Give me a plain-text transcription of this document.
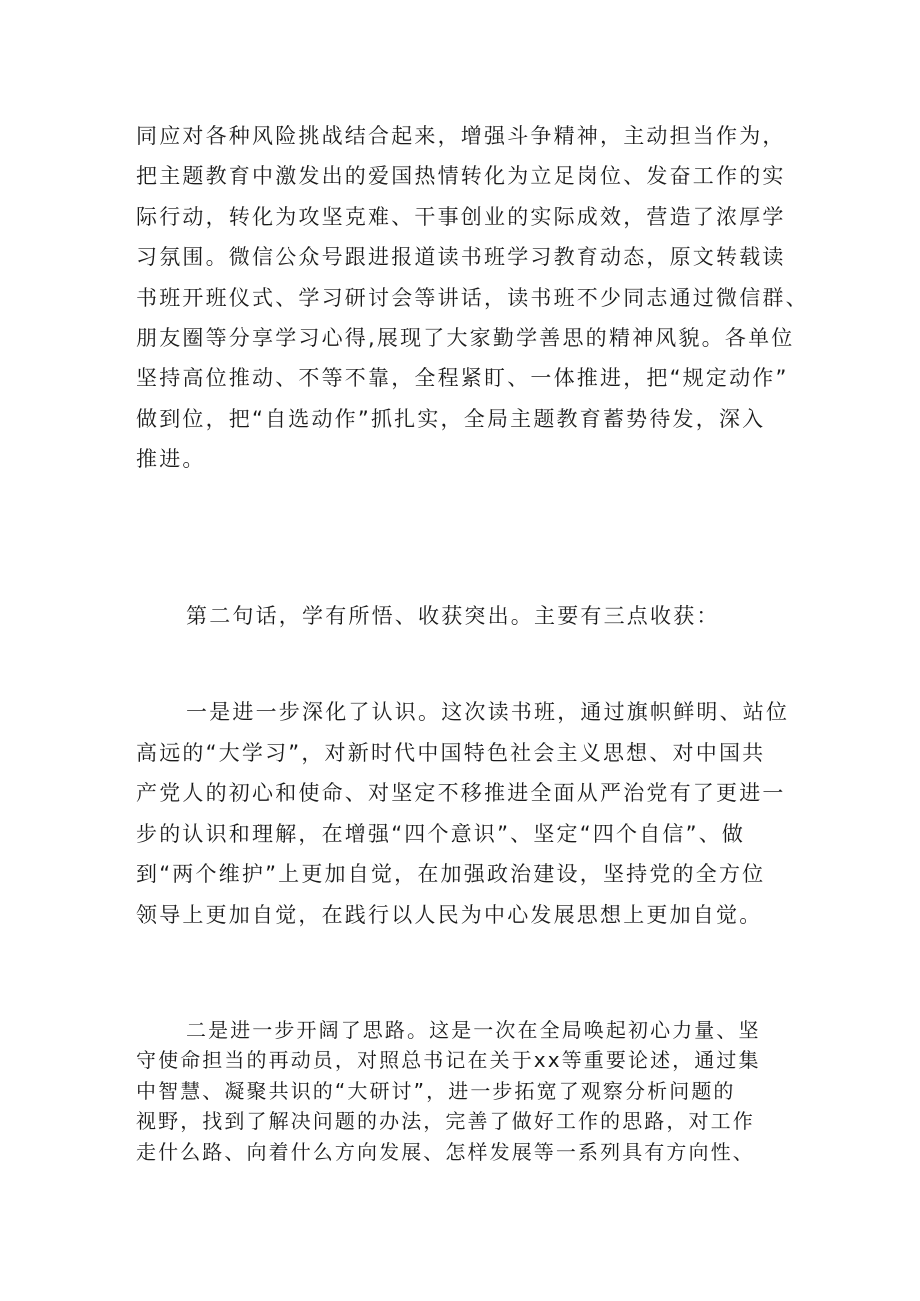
同应对各种风险挑战结合起来，增强斗争精神，主动担当作为，
把主题教育中激发出的爱国热情转化为立足岗位、发奋工作的实
际行动，转化为攻坚克难、干事创业的实际成效，营造了浓厚学
习氛围。微信公众号跟进报道读书班学习教育动态，原文转载读
书班开班仪式、学习研讨会等讲话，读书班不少同志通过微信群、
朋友圈等分享学习心得,展现了大家勤学善思的精神风貌。各单位
坚持高位推动、不等不靠，全程紧盯、一体推进，把“规定动作”
做到位，把“自选动作”抓扎实，全局主题教育蓄势待发，深入
推进。
第二句话，学有所悟、收获突出。主要有三点收获：
一是进一步深化了认识。这次读书班，通过旗帜鲜明、站位
高远的“大学习”，对新时代中国特色社会主义思想、对中国共
产党人的初心和使命、对坚定不移推进全面从严治党有了更进一
步的认识和理解，在增强“四个意识”、坚定“四个自信”、做
到“两个维护”上更加自觉，在加强政治建设，坚持党的全方位
领导上更加自觉，在践行以人民为中心发展思想上更加自觉。
二是进一步开阔了思路。这是一次在全局唤起初心力量、坚
守使命担当的再动员，对照总书记在关于xx等重要论述，通过集
中智慧、凝聚共识的“大研讨”，进一步拓宽了观察分析问题的
视野，找到了解决问题的办法，完善了做好工作的思路，对工作
走什么路、向着什么方向发展、怎样发展等一系列具有方向性、
